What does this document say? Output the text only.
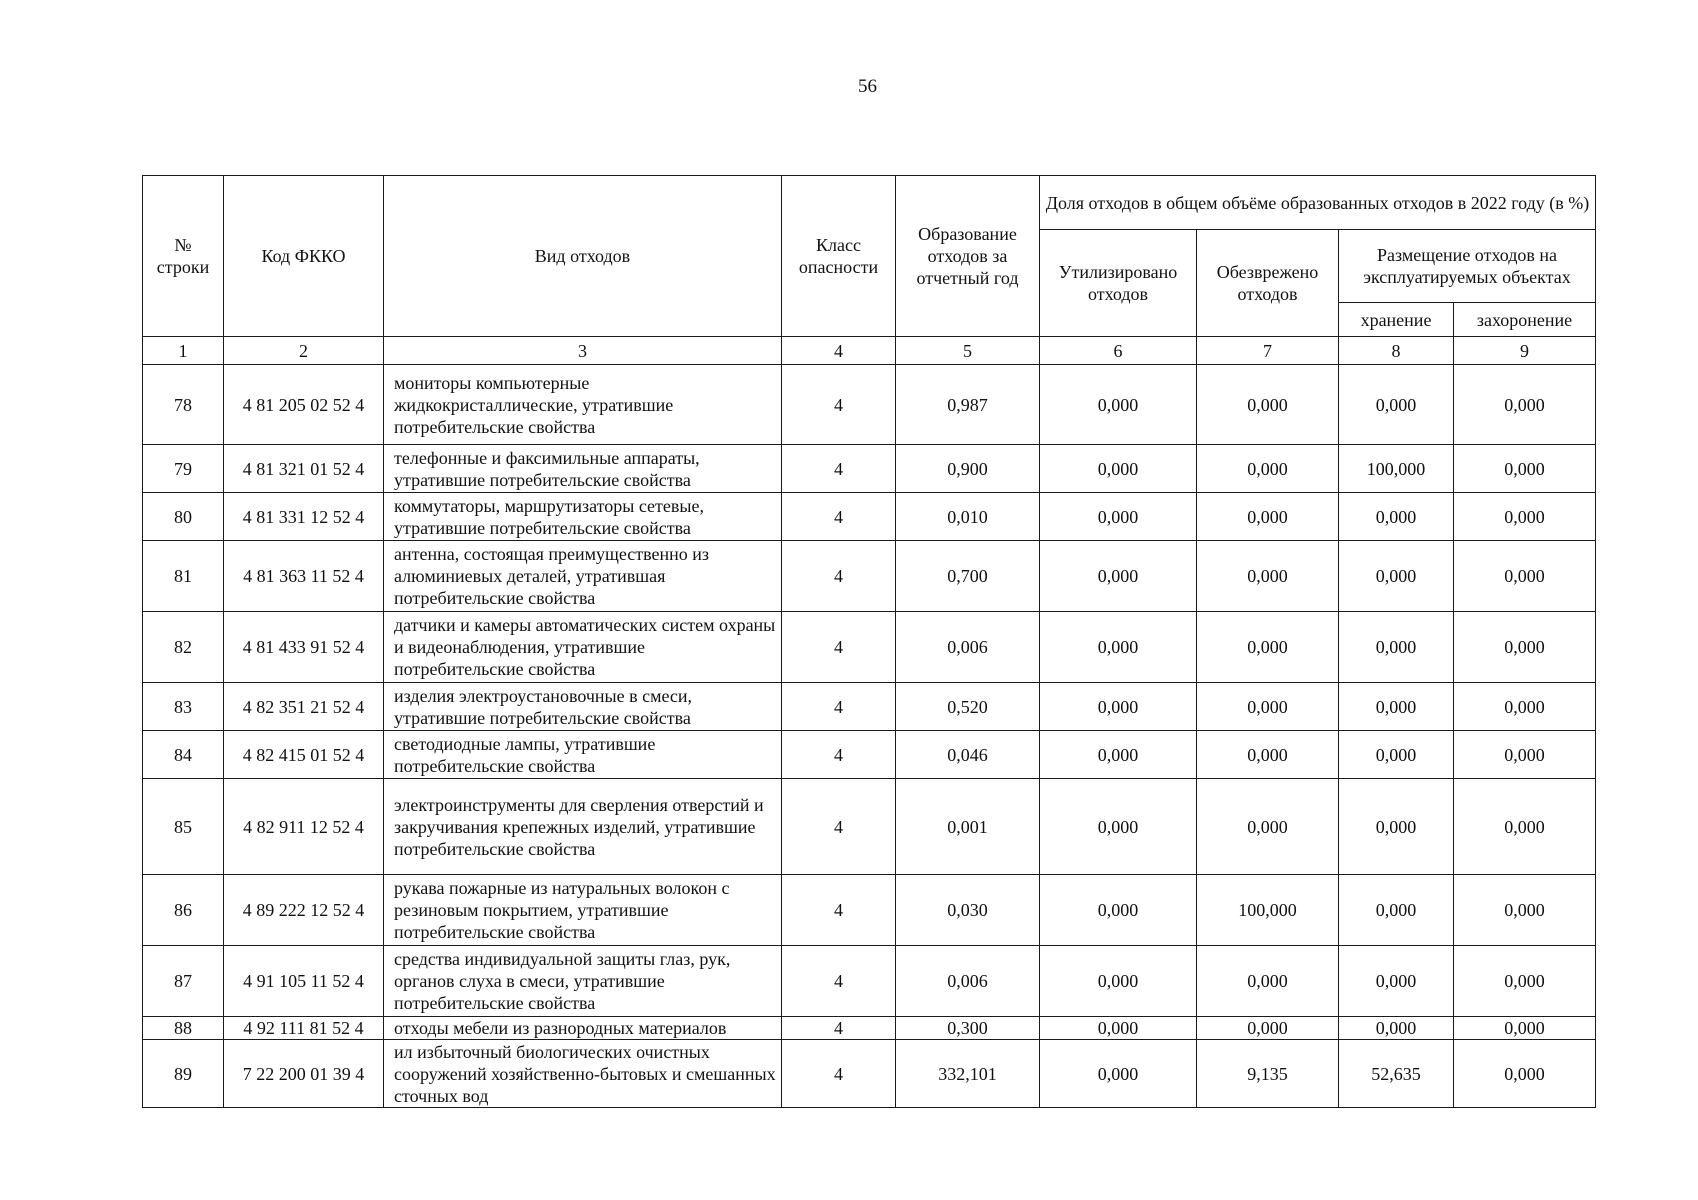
56
№ строки	Код ФККО	Вид отходов	Класс опасности	Образование отходов за отчетный год	Доля отходов в общем объёме образованных отходов в 2022 году (в %)			
					Утилизировано отходов	Обезврежено отходов	Размещение отходов на эксплуатируемых объектах	
							хранение	захоронение
1	2	3	4	5	6	7	8	9
78	4 81 205 02 52 4	мониторы компьютерные жидкокристаллические, утратившие потребительские свойства	4	0,987	0,000	0,000	0,000	0,000
79	4 81 321 01 52 4	телефонные и факсимильные аппараты, утратившие потребительские свойства	4	0,900	0,000	0,000	100,000	0,000
80	4 81 331 12 52 4	коммутаторы, маршрутизаторы сетевые, утратившие потребительские свойства	4	0,010	0,000	0,000	0,000	0,000
81	4 81 363 11 52 4	антенна, состоящая преимущественно из алюминиевых деталей, утратившая потребительские свойства	4	0,700	0,000	0,000	0,000	0,000
82	4 81 433 91 52 4	датчики и камеры автоматических систем охраны и видеонаблюдения, утратившие потребительские свойства	4	0,006	0,000	0,000	0,000	0,000
83	4 82 351 21 52 4	изделия электроустановочные в смеси, утратившие потребительские свойства	4	0,520	0,000	0,000	0,000	0,000
84	4 82 415 01 52 4	светодиодные лампы, утратившие потребительские свойства	4	0,046	0,000	0,000	0,000	0,000
85	4 82 911 12 52 4	электроинструменты для сверления отверстий и закручивания крепежных изделий, утратившие потребительские свойства	4	0,001	0,000	0,000	0,000	0,000
86	4 89 222 12 52 4	рукава пожарные из натуральных волокон с резиновым покрытием, утратившие потребительские свойства	4	0,030	0,000	100,000	0,000	0,000
87	4 91 105 11 52 4	средства индивидуальной защиты глаз, рук, органов слуха в смеси, утратившие потребительские свойства	4	0,006	0,000	0,000	0,000	0,000
88	4 92 111 81 52 4	отходы мебели из разнородных материалов	4	0,300	0,000	0,000	0,000	0,000
89	7 22 200 01 39 4	ил избыточный биологических очистных сооружений хозяйственно-бытовых и смешанных сточных вод	4	332,101	0,000	9,135	52,635	0,000
